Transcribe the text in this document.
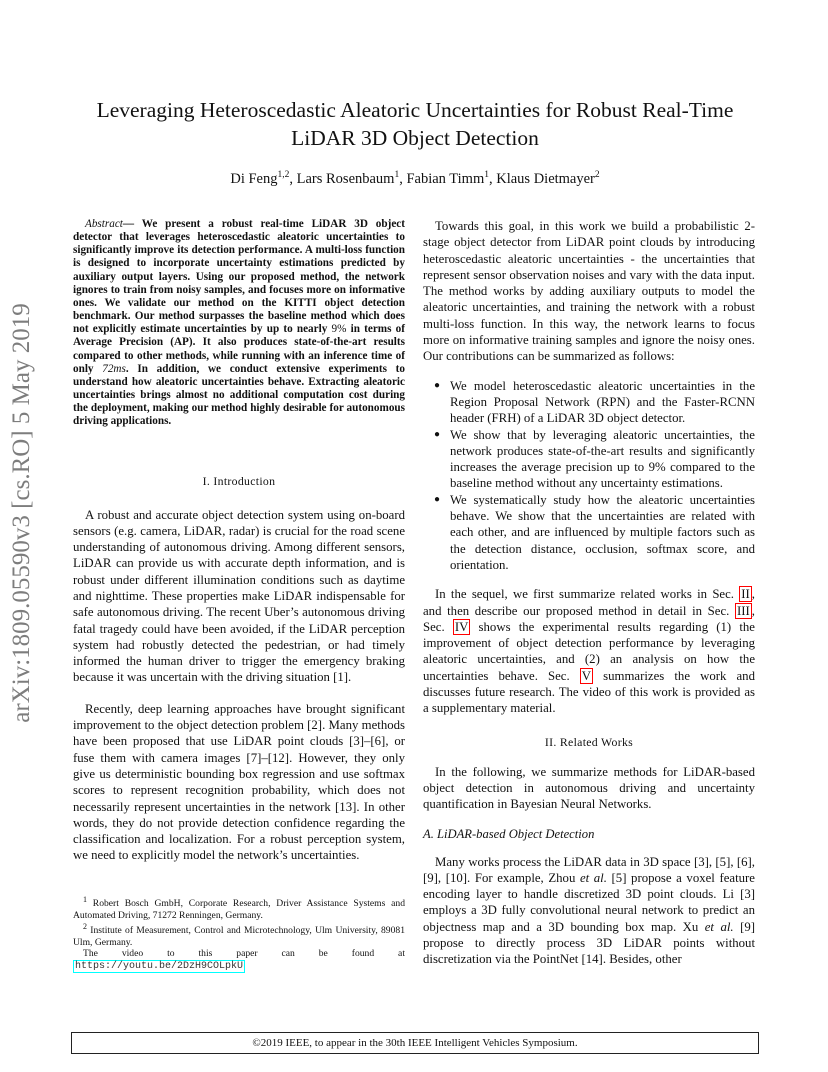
arXiv:1809.05590v3 [cs.RO] 5 May 2019
Leveraging Heteroscedastic Aleatoric Uncertainties for Robust Real-Time
LiDAR 3D Object Detection
Di Feng$^{1,2}$, Lars Rosenbaum$^1$, Fabian Timm$^1$, Klaus Dietmayer$^2$

Abstract— We present a robust real-time LiDAR 3D object detector that leverages heteroscedastic aleatoric uncertainties to significantly improve its detection performance. A multi-loss function is designed to incorporate uncertainty estimations predicted by auxiliary output layers. Using our proposed method, the network ignores to train from noisy samples, and focuses more on informative ones. We validate our method on the KITTI object detection benchmark. Our method surpasses the baseline method which does not explicitly estimate uncertainties by up to nearly 9% in terms of Average Precision (AP). It also produces state-of-the-art results compared to other methods, while running with an inference time of only 72ms. In addition, we conduct extensive experiments to understand how aleatoric uncertainties behave. Extracting aleatoric uncertainties brings almost no additional computation cost during the deployment, making our method highly desirable for autonomous driving applications.

I. Introduction

A robust and accurate object detection system using on-board sensors (e.g. camera, LiDAR, radar) is crucial for the road scene understanding of autonomous driving. Among different sensors, LiDAR can provide us with accurate depth information, and is robust under different illumination conditions such as daytime and nighttime. These properties make LiDAR indispensable for safe autonomous driving. The recent Uber’s autonomous driving fatal tragedy could have been avoided, if the LiDAR perception system had robustly detected the pedestrian, or had timely informed the human driver to trigger the emergency braking because it was uncertain with the driving situation [1].

Recently, deep learning approaches have brought significant improvement to the object detection problem [2]. Many methods have been proposed that use LiDAR point clouds [3]–[6], or fuse them with camera images [7]–[12]. However, they only give us deterministic bounding box regression and use softmax scores to represent recognition probability, which does not necessarily represent uncertainties in the network [13]. In other words, they do not provide detection confidence regarding the classification and localization. For a robust perception system, we need to explicitly model the network’s uncertainties.

$^1$ Robert Bosch GmbH, Corporate Research, Driver Assistance Systems and Automated Driving, 71272 Renningen, Germany.

$^2$ Institute of Measurement, Control and Microtechnology, Ulm University, 89081 Ulm, Germany.

The video to this paper can be found at https://youtu.be/2DzH9COLpkU

Towards this goal, in this work we build a probabilistic 2-stage object detector from LiDAR point clouds by introducing heteroscedastic aleatoric uncertainties - the uncertainties that represent sensor observation noises and vary with the data input. The method works by adding auxiliary outputs to model the aleatoric uncertainties, and training the network with a robust multi-loss function. In this way, the network learns to focus more on informative training samples and ignore the noisy ones. Our contributions can be summarized as follows:

● We model heteroscedastic aleatoric uncertainties in the Region Proposal Network (RPN) and the Faster-RCNN header (FRH) of a LiDAR 3D object detector.
● We show that by leveraging aleatoric uncertainties, the network produces state-of-the-art results and significantly increases the average precision up to 9% compared to the baseline method without any uncertainty estimations.
● We systematically study how the aleatoric uncertainties behave. We show that the uncertainties are related with each other, and are influenced by multiple factors such as the detection distance, occlusion, softmax score, and orientation.

In the sequel, we first summarize related works in Sec. II , and then describe our proposed method in detail in Sec. III , Sec. IV shows the experimental results regarding (1) the improvement of object detection performance by leveraging aleatoric uncertainties, and (2) an analysis on how the uncertainties behave. Sec. V summarizes the work and discusses future research. The video of this work is provided as a supplementary material.

II. Related Works

In the following, we summarize methods for LiDAR-based object detection in autonomous driving and uncertainty quantification in Bayesian Neural Networks.

A. LiDAR-based Object Detection

Many works process the LiDAR data in 3D space [3], [5], [6], [9], [10]. For example, Zhou et al. [5] propose a voxel feature encoding layer to handle discretized 3D point clouds. Li [3] employs a 3D fully convolutional neural network to predict an objectness map and a 3D bounding box map. Xu et al. [9] propose to directly process 3D LiDAR points without discretization via the PointNet [14]. Besides, other

©2019 IEEE, to appear in the 30th IEEE Intelligent Vehicles Symposium.
